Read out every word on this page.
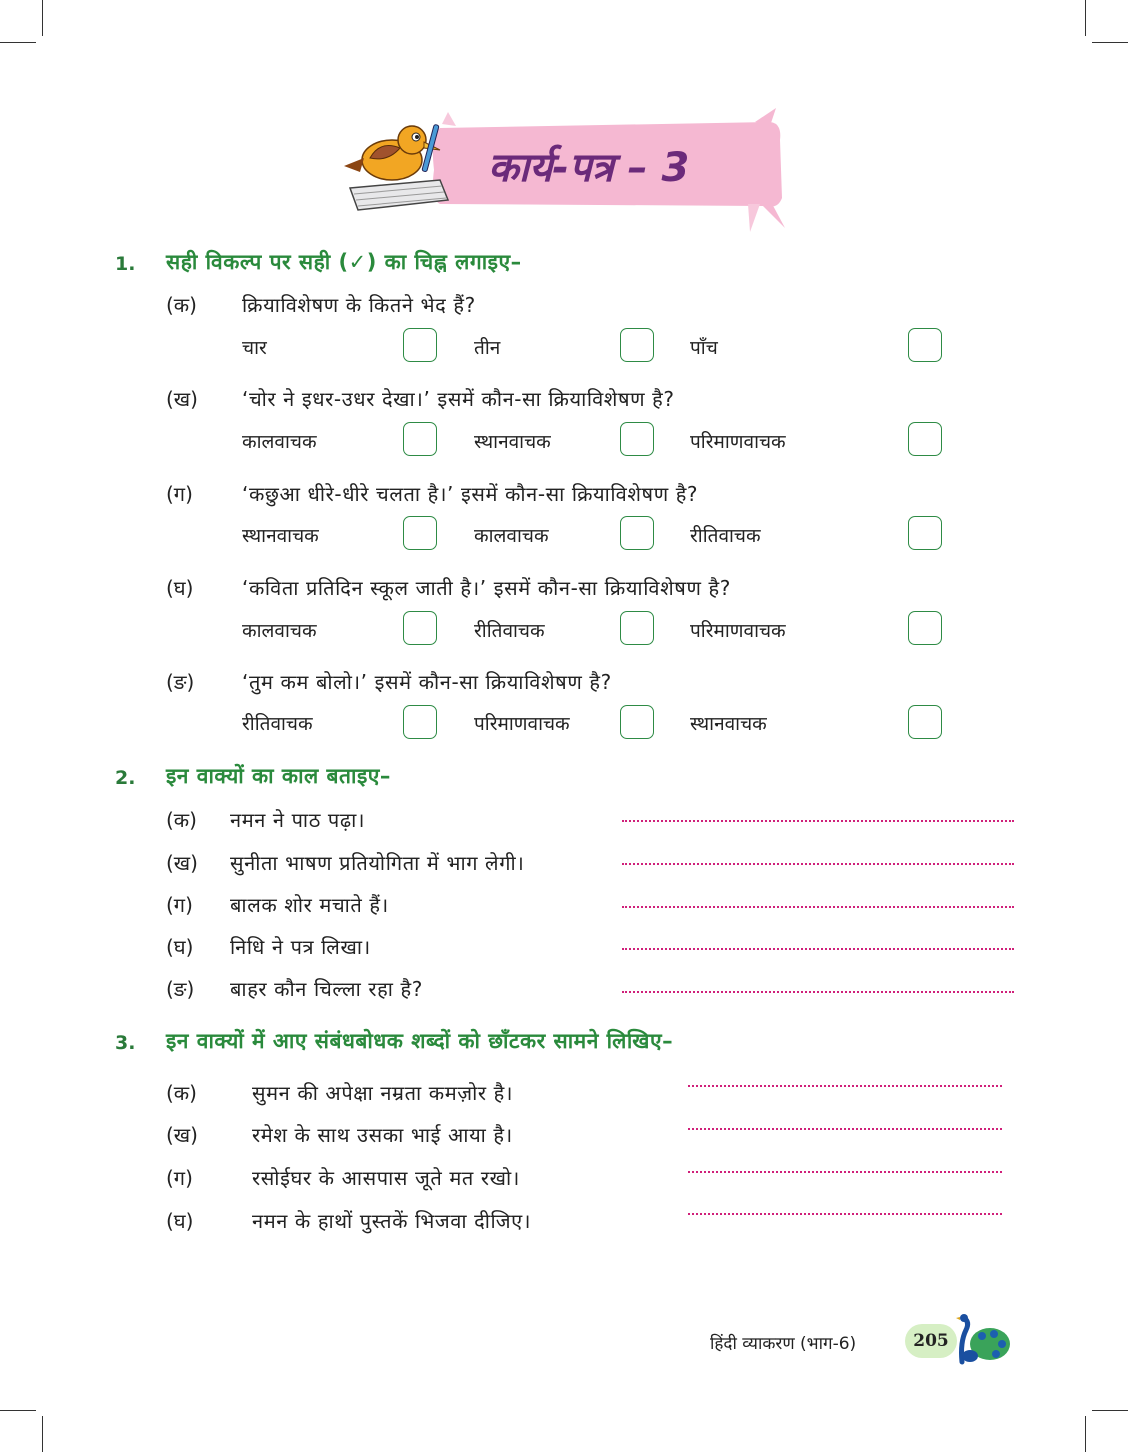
कार्य-पत्र – 3
1. सही विकल्प पर सही (✓) का चिह्न लगाइए–
(क) क्रियाविशेषण के कितने भेद हैं?
चार	तीन	पाँच
(ख) ‘चोर ने इधर-उधर देखा।’ इसमें कौन-सा क्रियाविशेषण है?
कालवाचक	स्थानवाचक	परिमाणवाचक
(ग) ‘कछुआ धीरे-धीरे चलता है।’ इसमें कौन-सा क्रियाविशेषण है?
स्थानवाचक	कालवाचक	रीतिवाचक
(घ) ‘कविता प्रतिदिन स्कूल जाती है।’ इसमें कौन-सा क्रियाविशेषण है?
कालवाचक	रीतिवाचक	परिमाणवाचक
(ङ) ‘तुम कम बोलो।’ इसमें कौन-सा क्रियाविशेषण है?
रीतिवाचक	परिमाणवाचक	स्थानवाचक
2. इन वाक्यों का काल बताइए–
(क) नमन ने पाठ पढ़ा।
(ख) सुनीता भाषण प्रतियोगिता में भाग लेगी।
(ग) बालक शोर मचाते हैं।
(घ) निधि ने पत्र लिखा।
(ङ) बाहर कौन चिल्ला रहा है?
3. इन वाक्यों में आए संबंधबोधक शब्दों को छाँटकर सामने लिखिए–
(क)	सुमन की अपेक्षा नम्रता कमज़ोर है।
(ख)	रमेश के साथ उसका भाई आया है।
(ग)	रसोईघर के आसपास जूते मत रखो।
(घ)	नमन के हाथों पुस्तकें भिजवा दीजिए।
हिंदी व्याकरण (भाग-6)	205
